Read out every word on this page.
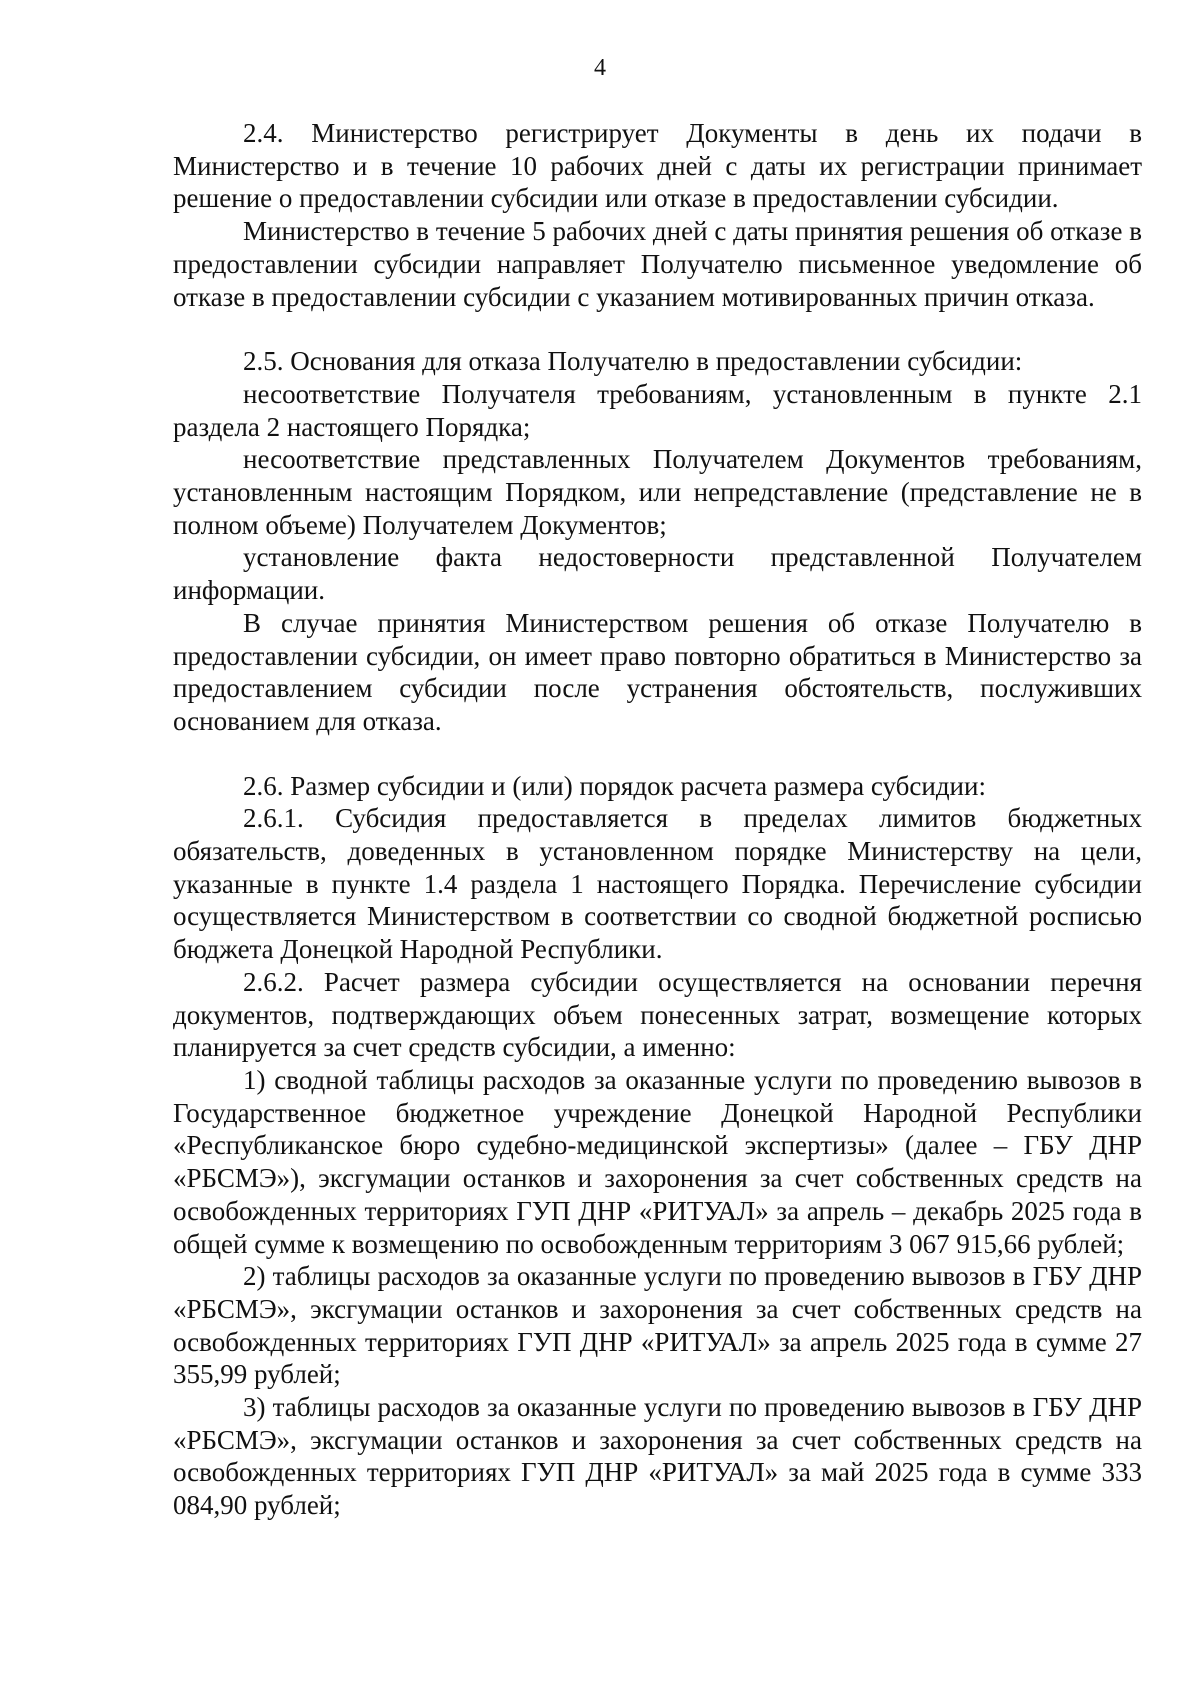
4

2.4. Министерство регистрирует Документы в день их подачи в Министерство и в течение 10 рабочих дней с даты их регистрации принимает решение о предоставлении субсидии или отказе в предоставлении субсидии.

Министерство в течение 5 рабочих дней с даты принятия решения об отказе в предоставлении субсидии направляет Получателю письменное уведомление об отказе в предоставлении субсидии с указанием мотивированных причин отказа.

2.5. Основания для отказа Получателю в предоставлении субсидии:

несоответствие Получателя требованиям, установленным в пункте 2.1 раздела 2 настоящего Порядка;

несоответствие представленных Получателем Документов требованиям, установленным настоящим Порядком, или непредставление (представление не в полном объеме) Получателем Документов;

установление факта недостоверности представленной Получателем информации.

В случае принятия Министерством решения об отказе Получателю в предоставлении субсидии, он имеет право повторно обратиться в Министерство за предоставлением субсидии после устранения обстоятельств, послуживших основанием для отказа.

2.6. Размер субсидии и (или) порядок расчета размера субсидии:

2.6.1. Субсидия предоставляется в пределах лимитов бюджетных обязательств, доведенных в установленном порядке Министерству на цели, указанные в пункте 1.4 раздела 1 настоящего Порядка. Перечисление субсидии осуществляется Министерством в соответствии со сводной бюджетной росписью бюджета Донецкой Народной Республики.

2.6.2. Расчет размера субсидии осуществляется на основании перечня документов, подтверждающих объем понесенных затрат, возмещение которых планируется за счет средств субсидии, а именно:

1) сводной таблицы расходов за оказанные услуги по проведению вывозов в Государственное бюджетное учреждение Донецкой Народной Республики «Республиканское бюро судебно-медицинской экспертизы» (далее – ГБУ ДНР «РБСМЭ»), эксгумации останков и захоронения за счет собственных средств на освобожденных территориях ГУП ДНР «РИТУАЛ» за апрель – декабрь 2025 года в общей сумме к возмещению по освобожденным территориям 3 067 915,66 рублей;

2) таблицы расходов за оказанные услуги по проведению вывозов в ГБУ ДНР «РБСМЭ», эксгумации останков и захоронения за счет собственных средств на освобожденных территориях ГУП ДНР «РИТУАЛ» за апрель 2025 года в сумме 27 355,99 рублей;

3) таблицы расходов за оказанные услуги по проведению вывозов в ГБУ ДНР «РБСМЭ», эксгумации останков и захоронения за счет собственных средств на освобожденных территориях ГУП ДНР «РИТУАЛ» за май 2025 года в сумме 333 084,90 рублей;
